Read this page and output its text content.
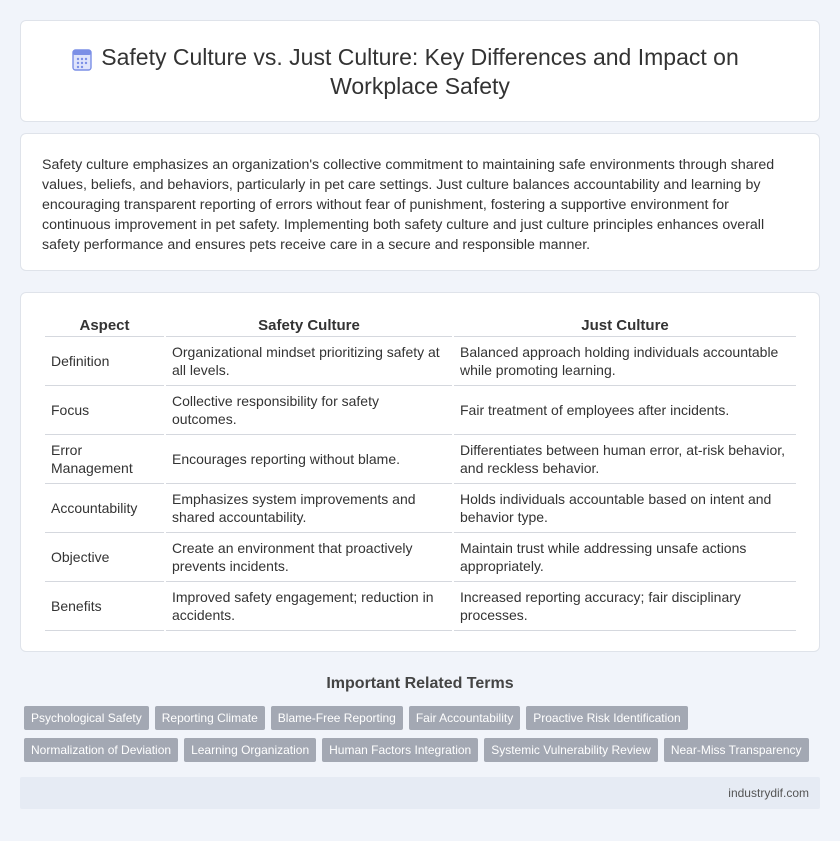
Safety Culture vs. Just Culture: Key Differences and Impact on Workplace Safety

Safety culture emphasizes an organization's collective commitment to maintaining safe environments through shared values, beliefs, and behaviors, particularly in pet care settings. Just culture balances accountability and learning by encouraging transparent reporting of errors without fear of punishment, fostering a supportive environment for continuous improvement in pet safety. Implementing both safety culture and just culture principles enhances overall safety performance and ensures pets receive care in a secure and responsible manner.

Aspect	Safety Culture	Just Culture
Definition	Organizational mindset prioritizing safety at all levels.	Balanced approach holding individuals accountable while promoting learning.
Focus	Collective responsibility for safety outcomes.	Fair treatment of employees after incidents.
Error Management	Encourages reporting without blame.	Differentiates between human error, at-risk behavior, and reckless behavior.
Accountability	Emphasizes system improvements and shared accountability.	Holds individuals accountable based on intent and behavior type.
Objective	Create an environment that proactively prevents incidents.	Maintain trust while addressing unsafe actions appropriately.
Benefits	Improved safety engagement; reduction in accidents.	Increased reporting accuracy; fair disciplinary processes.
Important Related Terms
Psychological Safety Reporting Climate Blame-Free Reporting Fair Accountability Proactive Risk Identification
Normalization of Deviation Learning Organization Human Factors Integration Systemic Vulnerability Review Near-Miss Transparency
industrydif.com
